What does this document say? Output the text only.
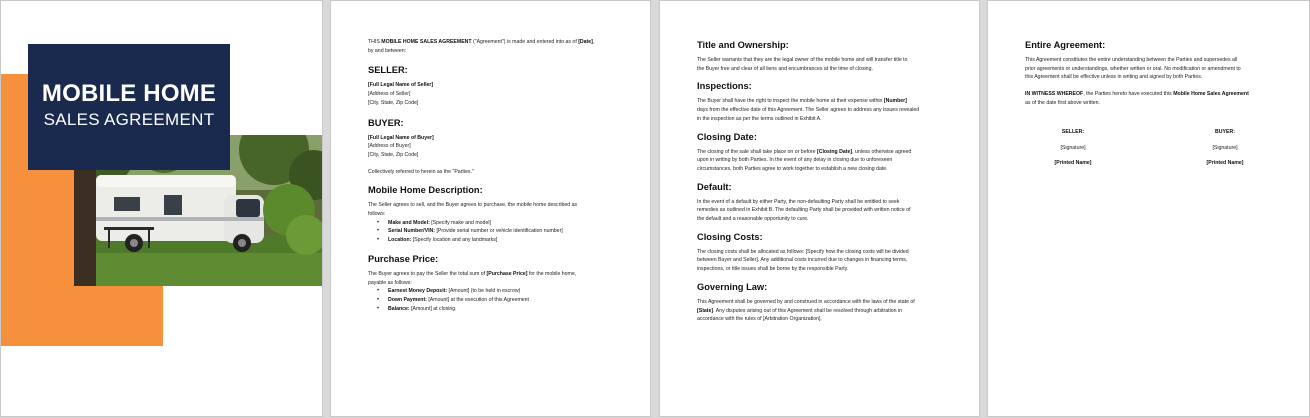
MOBILE HOME
SALES AGREEMENT

THIS MOBILE HOME SALES AGREEMENT ("Agreement") is made and entered into as of [Date],

by and between:

SELLER:

[Full Legal Name of Seller]

[Address of Seller]

[City, State, Zip Code]

BUYER:

[Full Legal Name of Buyer]

[Address of Buyer]

[City, State, Zip Code]

Collectively referred to herein as the "Parties."

Mobile Home Description:

The Seller agrees to sell, and the Buyer agrees to purchase, the mobile home described as

follows:

• Make and Model: [Specify make and model]

• Serial Number/VIN: [Provide serial number or vehicle identification number]

• Location: [Specify location and any landmarks]

Purchase Price:

The Buyer agrees to pay the Seller the total sum of [Purchase Price] for the mobile home,

payable as follows:

• Earnest Money Deposit: [Amount] (to be held in escrow)

• Down Payment: [Amount] at the execution of this Agreement

• Balance: [Amount] at closing.

Title and Ownership:

The Seller warrants that they are the legal owner of the mobile home and will transfer title to

the Buyer free and clear of all liens and encumbrances at the time of closing.

Inspections:

The Buyer shall have the right to inspect the mobile home at their expense within [Number]

days from the effective date of this Agreement. The Seller agrees to address any issues revealed

in the inspection as per the terms outlined in Exhibit A.

Closing Date:

The closing of the sale shall take place on or before [Closing Date], unless otherwise agreed

upon in writing by both Parties. In the event of any delay in closing due to unforeseen

circumstances, both Parties agree to work together to establish a new closing date.

Default:

In the event of a default by either Party, the non-defaulting Party shall be entitled to seek

remedies as outlined in Exhibit B. The defaulting Party shall be provided with written notice of

the default and a reasonable opportunity to cure.

Closing Costs:

The closing costs shall be allocated as follows: [Specify how the closing costs will be divided

between Buyer and Seller]. Any additional costs incurred due to changes in financing terms,

inspections, or title issues shall be borne by the responsible Party.

Governing Law:

This Agreement shall be governed by and construed in accordance with the laws of the state of

[State]. Any disputes arising out of this Agreement shall be resolved through arbitration in

accordance with the rules of [Arbitration Organization].

Entire Agreement:

This Agreement constitutes the entire understanding between the Parties and supersedes all

prior agreements or understandings, whether written or oral. No modification or amendment to

this Agreement shall be effective unless in writing and signed by both Parties.

IN WITNESS WHEREOF, the Parties hereto have executed this Mobile Home Sales Agreement

as of the date first above written.

SELLER:

[Signature]

[Printed Name]

BUYER:

[Signature]

[Printed Name]
